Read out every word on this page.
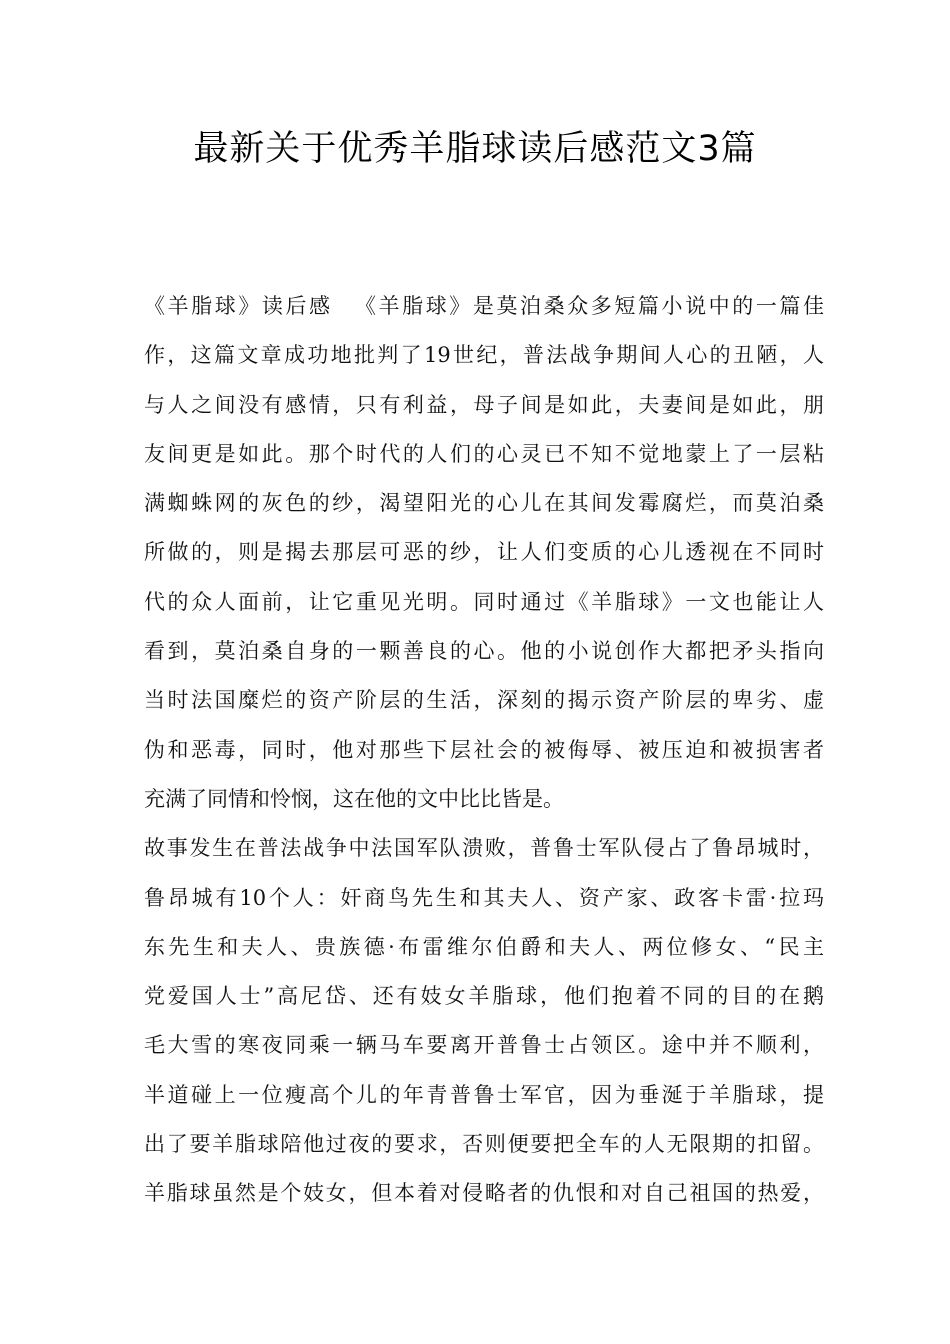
最新关于优秀羊脂球读后感范文3篇
《羊脂球》读后感 　《羊脂球》是莫泊桑众多短篇小说中的一篇佳
作，这篇文章成功地批判了19世纪，普法战争期间人心的丑陋，人
与人之间没有感情，只有利益，母子间是如此，夫妻间是如此，朋
友间更是如此。那个时代的人们的心灵已不知不觉地蒙上了一层粘
满蜘蛛网的灰色的纱，渴望阳光的心儿在其间发霉腐烂，而莫泊桑
所做的，则是揭去那层可恶的纱，让人们变质的心儿透视在不同时
代的众人面前，让它重见光明。同时通过《羊脂球》一文也能让人
看到，莫泊桑自身的一颗善良的心。他的小说创作大都把矛头指向
当时法国糜烂的资产阶层的生活，深刻的揭示资产阶层的卑劣、虚
伪和恶毒，同时，他对那些下层社会的被侮辱、被压迫和被损害者
充满了同情和怜悯，这在他的文中比比皆是。
故事发生在普法战争中法国军队溃败，普鲁士军队侵占了鲁昂城时，
鲁昂城有10个人：奸商鸟先生和其夫人、资产家、政客卡雷·拉玛
东先生和夫人、贵族德·布雷维尔伯爵和夫人、两位修女、“民主
党爱国人士”高尼岱、还有妓女羊脂球，他们抱着不同的目的在鹅
毛大雪的寒夜同乘一辆马车要离开普鲁士占领区。途中并不顺利，
半道碰上一位瘦高个儿的年青普鲁士军官，因为垂涎于羊脂球，提
出了要羊脂球陪他过夜的要求，否则便要把全车的人无限期的扣留。
羊脂球虽然是个妓女，但本着对侵略者的仇恨和对自己祖国的热爱，
